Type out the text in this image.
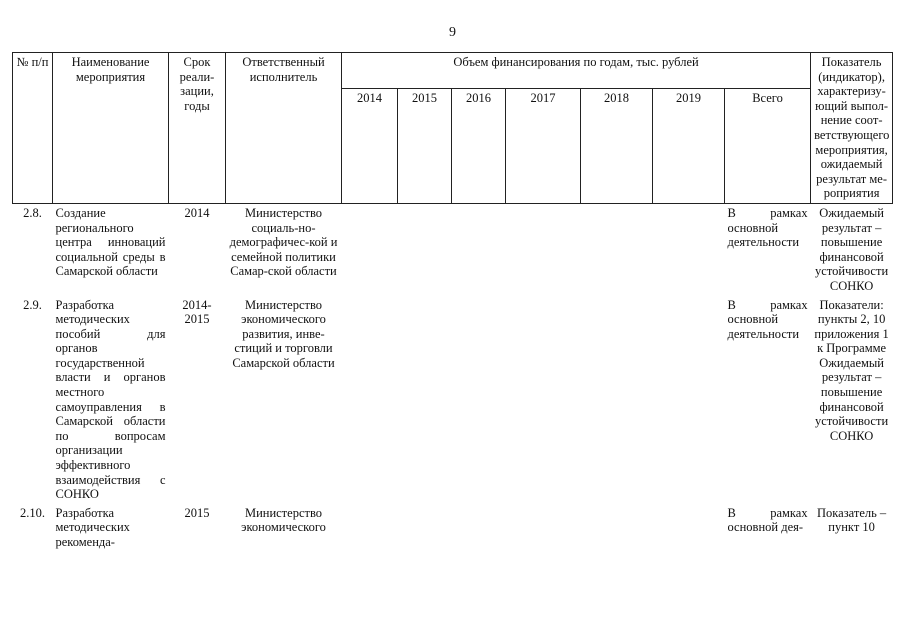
9
№ п/п	Наименование мероприятия	Срок реали-зации, годы	Ответственный исполнитель	Объем финансирования по годам, тыс. рублей							Показатель (индикатор), характеризу-ющий выпол-нение соот-ветствующего мероприятия, ожидаемый результат ме-роприятия
				2014	2015	2016	2017	2018	2019	Всего	
2.8.	Создание регионального центра инноваций социальной среды в Самарской области	2014	Министерство социаль-но-демографичес-кой и семейной политики Самар-ской области							В рамках основной деятельности	Ожидаемый результат – повышение финансовой устойчивости СОНКО
2.9.	Разработка методических пособий для органов государственной власти и органов местного самоуправления в Самарской области по вопросам организации эффективного взаимодействия с СОНКО	2014-2015	Министерство экономического развития, инве-стиций и торговли Самарской области							В рамках основной деятельности	Показатели: пункты 2, 10 приложения 1 к Программе Ожидаемый результат – повышение финансовой устойчивости СОНКО
2.10.	Разработка методических рекоменда-	2015	Министерство экономического							В рамках основной дея-	Показатель – пункт 10
